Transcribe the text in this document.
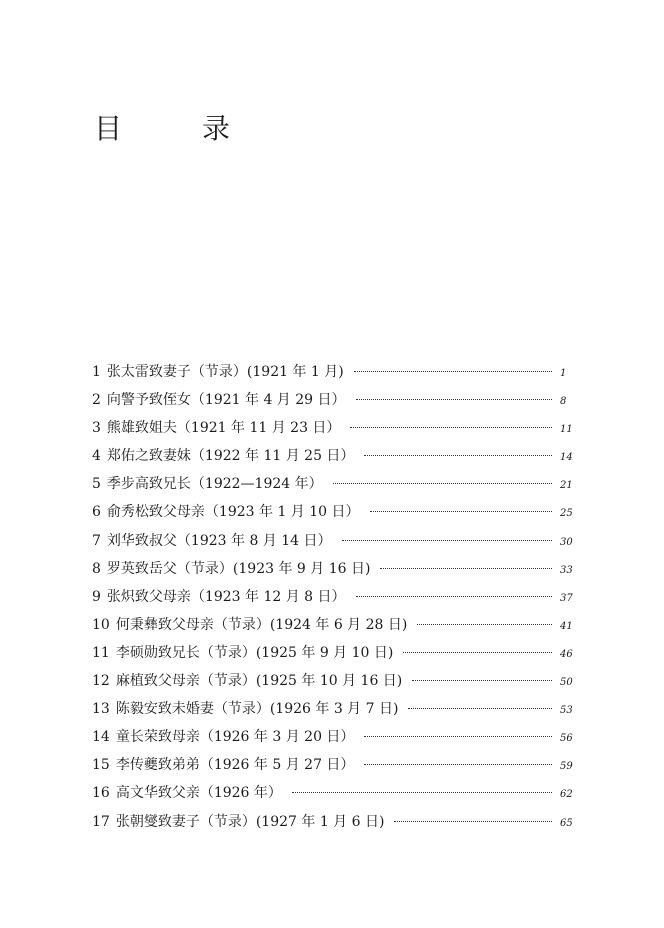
目　录
1 张太雷致妻子（节录）(1921 年 1 月)	1
2 向警予致侄女（1921 年 4 月 29 日）	8
3 熊雄致姐夫（1921 年 11 月 23 日）	11
4 郑佑之致妻妹（1922 年 11 月 25 日）	14
5 季步高致兄长（1922—1924 年）	21
6 俞秀松致父母亲（1923 年 1 月 10 日）	25
7 刘华致叔父（1923 年 8 月 14 日）	30
8 罗英致岳父（节录）(1923 年 9 月 16 日)	33
9 张炽致父母亲（1923 年 12 月 8 日）	37
10 何秉彝致父母亲（节录）(1924 年 6 月 28 日)	41
11 李硕勋致兄长（节录）(1925 年 9 月 10 日)	46
12 麻植致父母亲（节录）(1925 年 10 月 16 日)	50
13 陈毅安致未婚妻（节录）(1926 年 3 月 7 日)	53
14 童长荣致母亲（1926 年 3 月 20 日）	56
15 李传夔致弟弟（1926 年 5 月 27 日）	59
16 高文华致父亲（1926 年）	62
17 张朝燮致妻子（节录）(1927 年 1 月 6 日)	65
